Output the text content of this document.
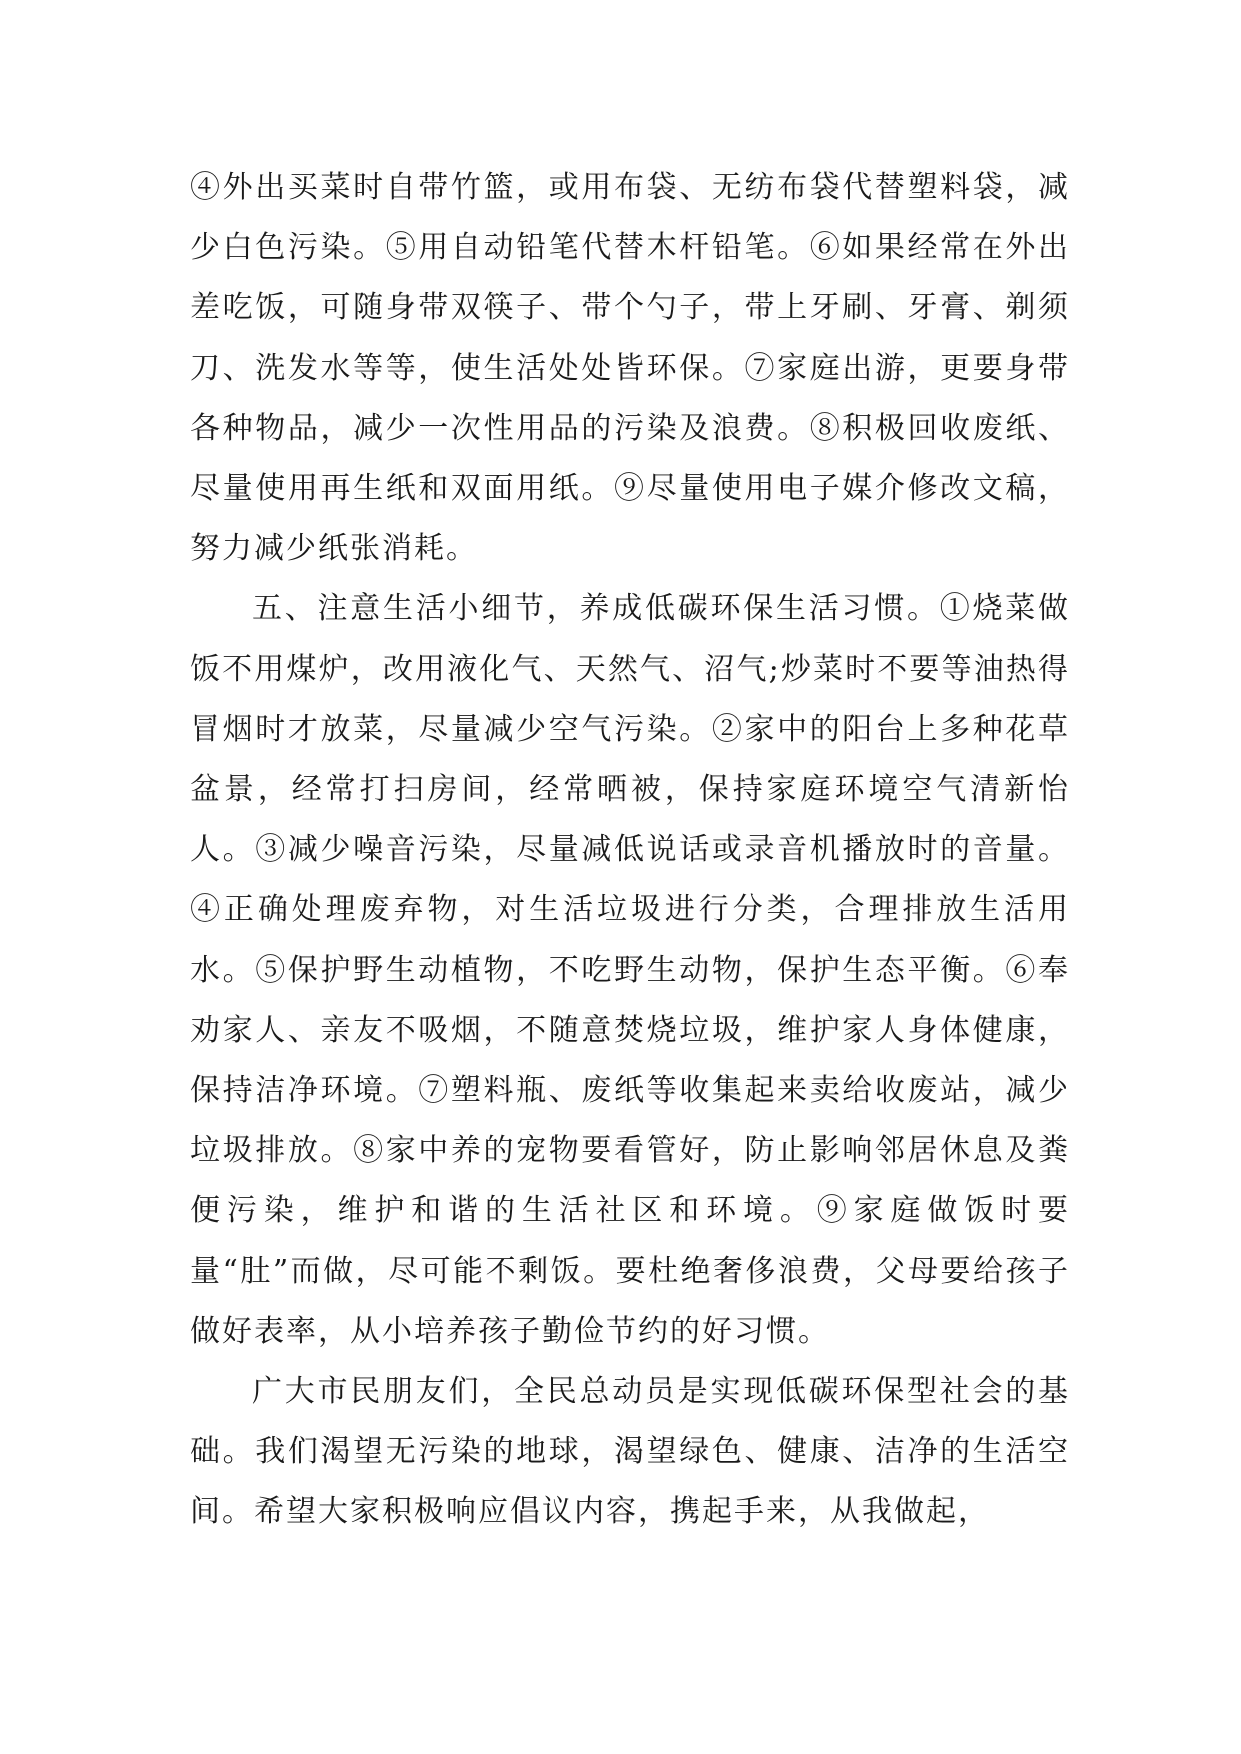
④外出买菜时自带竹篮，或用布袋、无纺布袋代替塑料袋，减少白色污染。⑤用自动铅笔代替木杆铅笔。⑥如果经常在外出差吃饭，可随身带双筷子、带个勺子，带上牙刷、牙膏、剃须刀、洗发水等等，使生活处处皆环保。⑦家庭出游，更要身带各种物品，减少一次性用品的污染及浪费。⑧积极回收废纸、尽量使用再生纸和双面用纸。⑨尽量使用电子媒介修改文稿，努力减少纸张消耗。

五、注意生活小细节，养成低碳环保生活习惯。①烧菜做饭不用煤炉，改用液化气、天然气、沼气;炒菜时不要等油热得冒烟时才放菜，尽量减少空气污染。②家中的阳台上多种花草盆景，经常打扫房间，经常晒被，保持家庭环境空气清新怡人。③减少噪音污染，尽量减低说话或录音机播放时的音量。④正确处理废弃物，对生活垃圾进行分类，合理排放生活用水。⑤保护野生动植物，不吃野生动物，保护生态平衡。⑥奉劝家人、亲友不吸烟，不随意焚烧垃圾，维护家人身体健康，保持洁净环境。⑦塑料瓶、废纸等收集起来卖给收废站，减少垃圾排放。⑧家中养的宠物要看管好，防止影响邻居休息及粪便污染，维护和谐的生活社区和环境。⑨家庭做饭时要量“肚”而做，尽可能不剩饭。要杜绝奢侈浪费，父母要给孩子做好表率，从小培养孩子勤俭节约的好习惯。

广大市民朋友们，全民总动员是实现低碳环保型社会的基础。我们渴望无污染的地球，渴望绿色、健康、洁净的生活空间。希望大家积极响应倡议内容，携起手来，从我做起，
